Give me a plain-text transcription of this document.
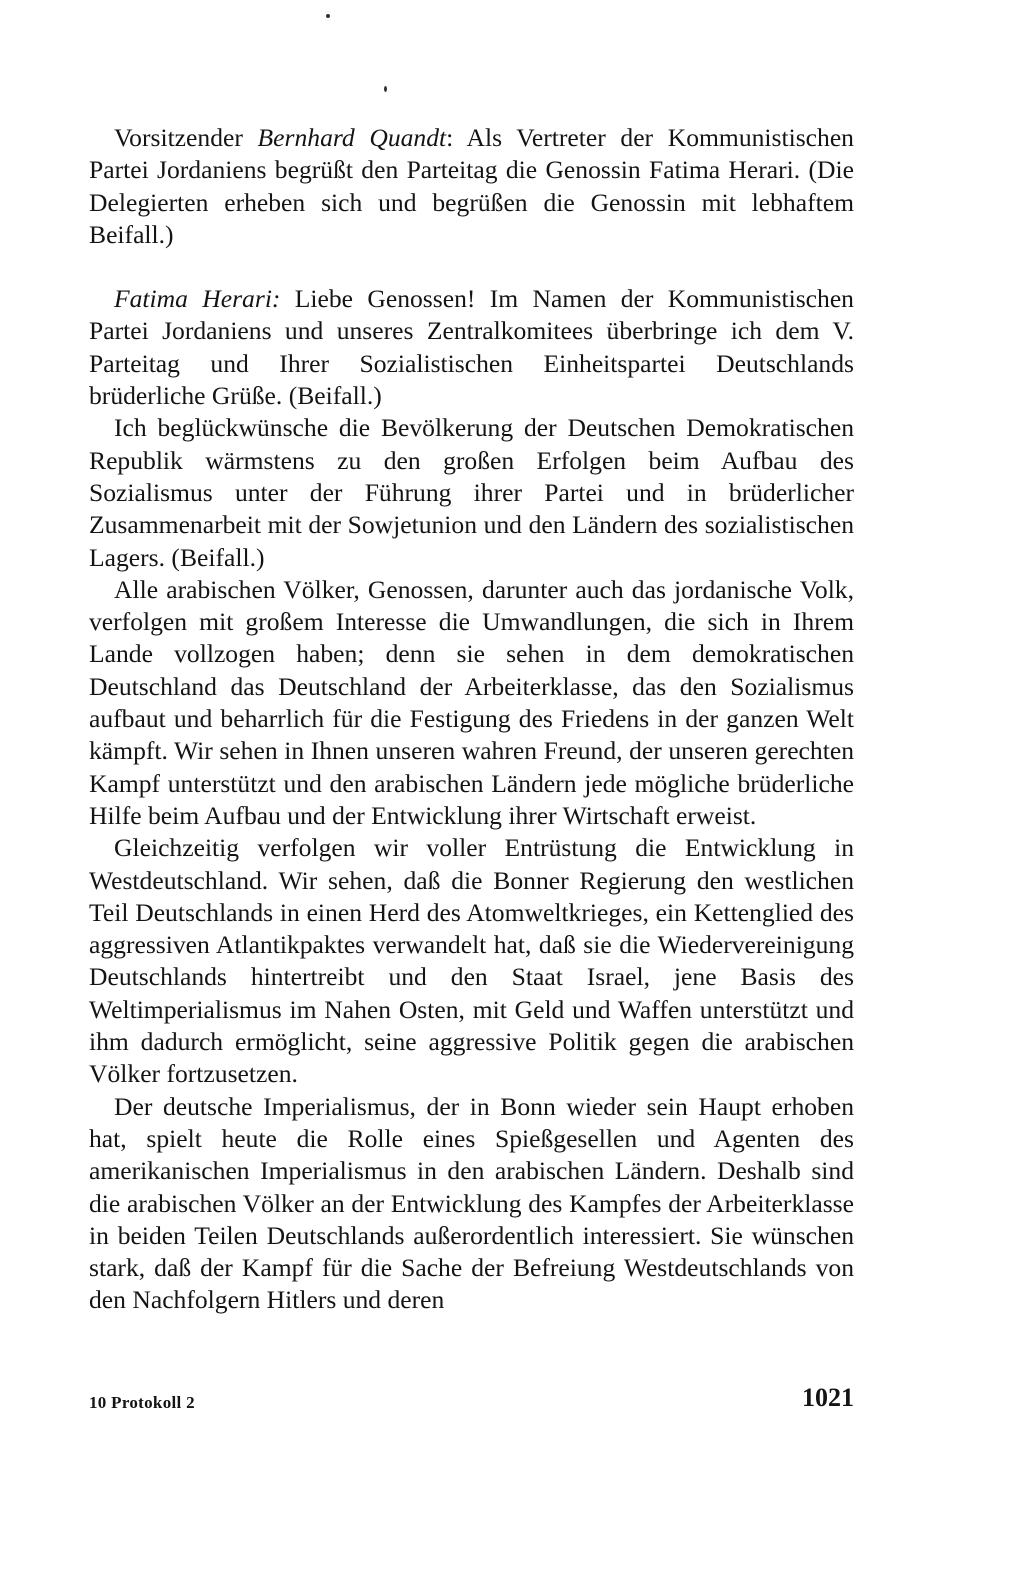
Vorsitzender Bernhard Quandt: Als Vertreter der Kommunistischen Partei Jordaniens begrüßt den Parteitag die Genossin Fatima Herari. (Die Delegierten erheben sich und begrüßen die Genossin mit lebhaftem Beifall.)

Fatima Herari: Liebe Genossen! Im Namen der Kommunistischen Partei Jordaniens und unseres Zentralkomitees überbringe ich dem V. Parteitag und Ihrer Sozialistischen Einheitspartei Deutschlands brüderliche Grüße. (Beifall.)

Ich beglückwünsche die Bevölkerung der Deutschen Demokratischen Republik wärmstens zu den großen Erfolgen beim Aufbau des Sozialismus unter der Führung ihrer Partei und in brüderlicher Zusammenarbeit mit der Sowjetunion und den Ländern des sozialistischen Lagers. (Beifall.)

Alle arabischen Völker, Genossen, darunter auch das jordanische Volk, verfolgen mit großem Interesse die Umwandlungen, die sich in Ihrem Lande vollzogen haben; denn sie sehen in dem demokratischen Deutschland das Deutschland der Arbeiterklasse, das den Sozialismus aufbaut und beharrlich für die Festigung des Friedens in der ganzen Welt kämpft. Wir sehen in Ihnen unseren wahren Freund, der unseren gerechten Kampf unterstützt und den arabischen Ländern jede mögliche brüderliche Hilfe beim Aufbau und der Entwicklung ihrer Wirtschaft erweist.

Gleichzeitig verfolgen wir voller Entrüstung die Entwicklung in Westdeutschland. Wir sehen, daß die Bonner Regierung den westlichen Teil Deutschlands in einen Herd des Atomweltkrieges, ein Kettenglied des aggressiven Atlantikpaktes verwandelt hat, daß sie die Wiedervereinigung Deutschlands hintertreibt und den Staat Israel, jene Basis des Weltimperialismus im Nahen Osten, mit Geld und Waffen unterstützt und ihm dadurch ermöglicht, seine aggressive Politik gegen die arabischen Völker fortzusetzen.

Der deutsche Imperialismus, der in Bonn wieder sein Haupt erhoben hat, spielt heute die Rolle eines Spießgesellen und Agenten des amerikanischen Imperialismus in den arabischen Ländern. Deshalb sind die arabischen Völker an der Entwicklung des Kampfes der Arbeiterklasse in beiden Teilen Deutschlands außerordentlich interessiert. Sie wünschen stark, daß der Kampf für die Sache der Befreiung Westdeutschlands von den Nachfolgern Hitlers und deren

10 Protokoll 2	1021
